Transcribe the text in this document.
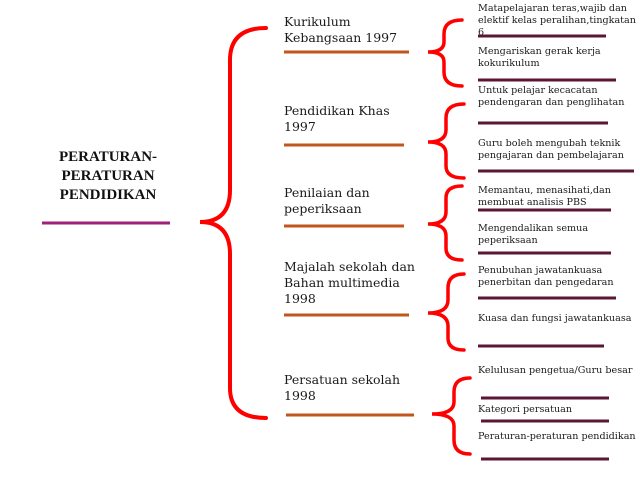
PERATURAN-PERATURAN PENDIDIKAN
Kurikulum Kebangsaan 1997
Pendidikan Khas 1997
Penilaian dan peperiksaan
Majalah sekolah dan Bahan multimedia 1998
Persatuan sekolah 1998
Matapelajaran teras,wajib dan elektif kelas peralihan,tingkatan 6
Mengariskan gerak kerja kokurikulum
Untuk pelajar kecacatan pendengaran dan penglihatan
Guru boleh mengubah teknik pengajaran dan pembelajaran
Memantau, menasihati,dan membuat analisis PBS
Mengendalikan semua peperiksaan
Penubuhan jawatankuasa penerbitan dan pengedaran
Kuasa dan fungsi jawatankuasa
Kelulusan pengetua/Guru besar
Kategori persatuan
Peraturan-peraturan pendidikan
